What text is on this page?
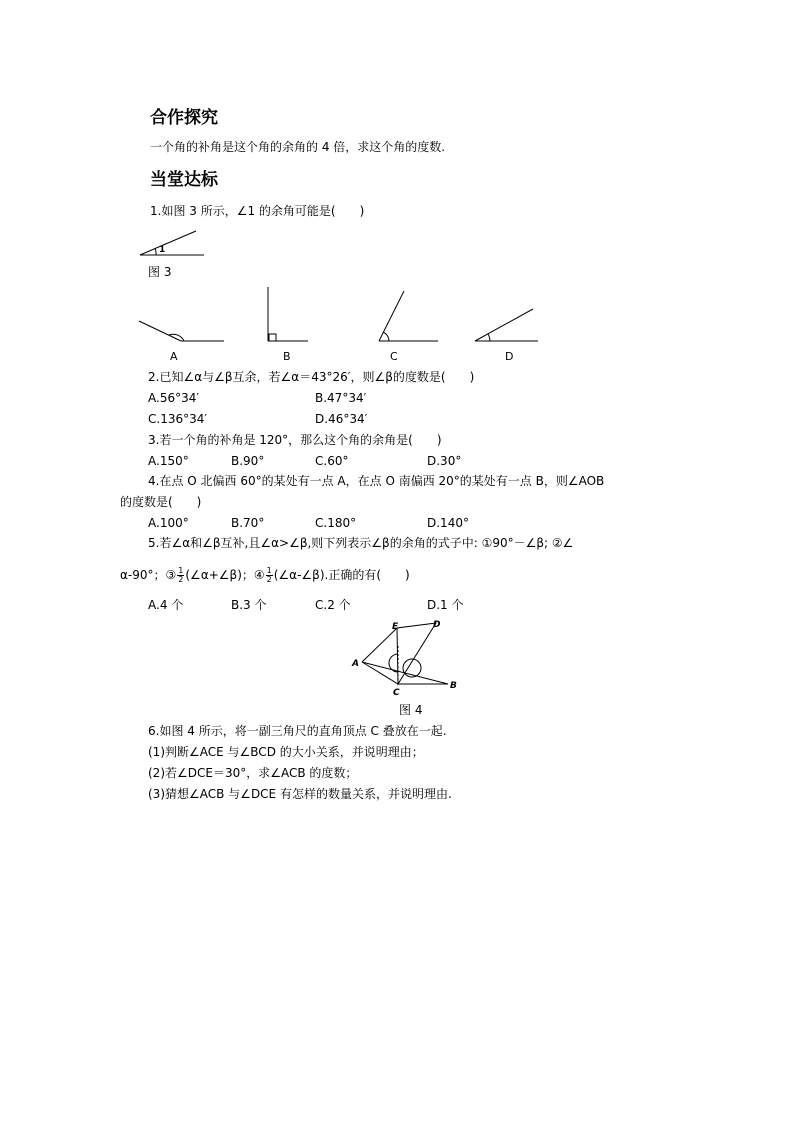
合作探究
一个角的补角是这个角的余角的 4 倍，求这个角的度数.
当堂达标
1.如图 3 所示，∠1 的余角可能是(　　)
1
图 3
A	B	C	D
2.已知∠α与∠β互余，若∠α＝43°26′，则∠β的度数是(　　)
A.56°34′	B.47°34′
C.136°34′	D.46°34′
3.若一个角的补角是 120°，那么这个角的余角是(　　)
A.150°	B.90°	C.60°	D.30°
4.在点 O 北偏西 60°的某处有一点 A，在点 O 南偏西 20°的某处有一点 B，则∠AOB
的度数是(　　)
A.100°	B.70°	C.180°	D.140°
5.若∠α和∠β互补,且∠α>∠β,则下列表示∠β的余角的式子中: ①90°－∠β; ②∠
α-90°；③ $\frac{1}{2}$ (∠α+∠β)；④ $\frac{1}{2}$ (∠α-∠β).正确的有(　　)
A.4 个	B.3 个	C.2 个	D.1 个
E	D
A
C
B
图 4
6.如图 4 所示，将一副三角尺的直角顶点 C 叠放在一起.
(1)判断∠ACE 与∠BCD 的大小关系，并说明理由；
(2)若∠DCE＝30°，求∠ACB 的度数；
(3)猜想∠ACB 与∠DCE 有怎样的数量关系，并说明理由.
